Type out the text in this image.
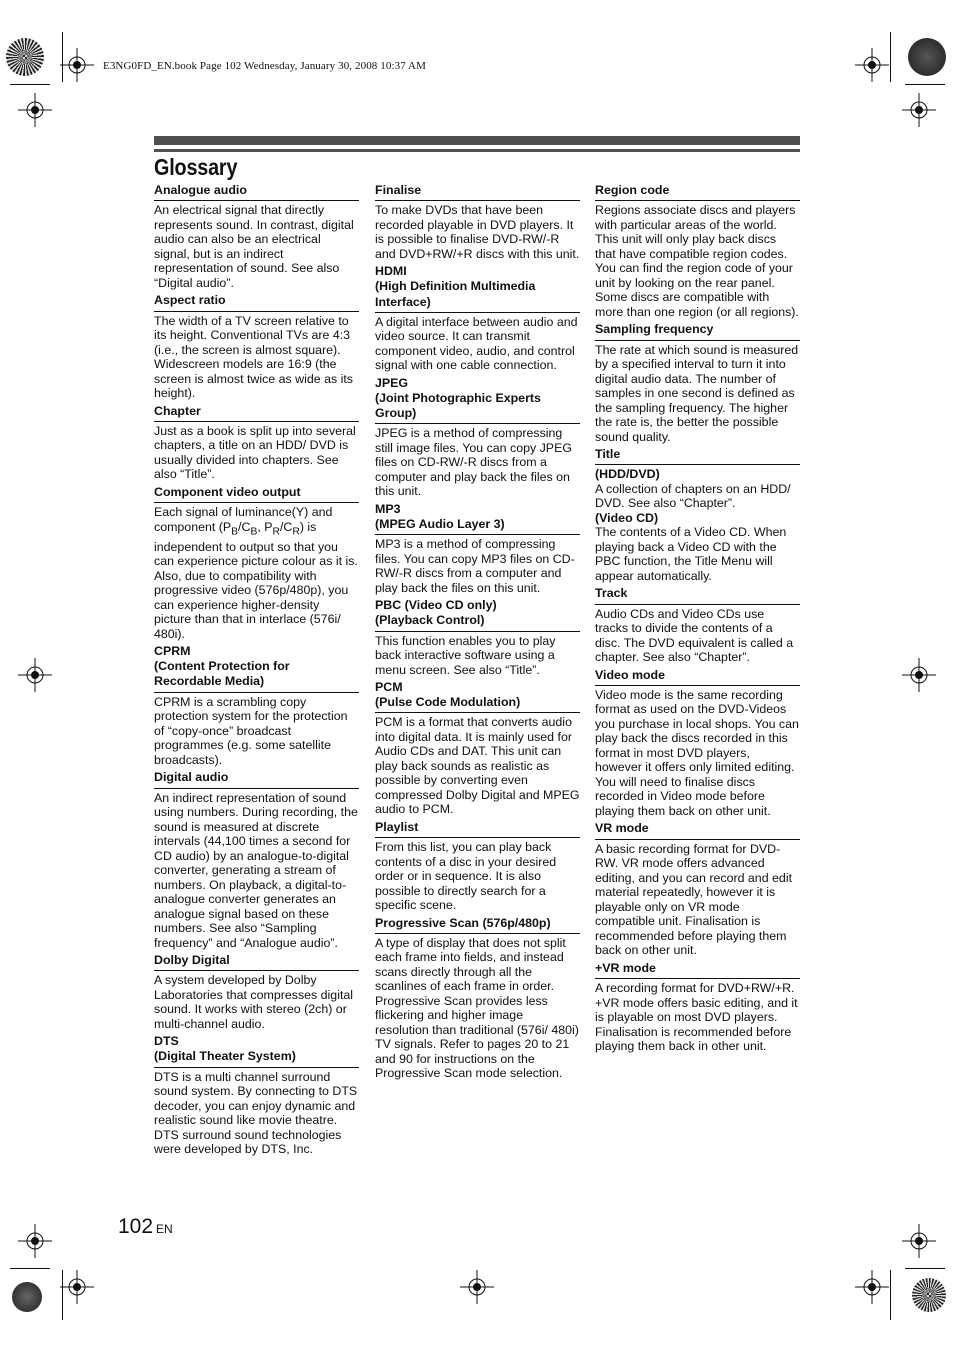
E3NG0FD_EN.book Page 102 Wednesday, January 30, 2008 10:37 AM
Glossary
Analogue audio
An electrical signal that directly represents sound. In contrast, digital audio can also be an electrical signal, but is an indirect representation of sound. See also “Digital audio”.
Aspect ratio
The width of a TV screen relative to its height. Conventional TVs are 4:3 (i.e., the screen is almost square). Widescreen models are 16:9 (the screen is almost twice as wide as its height).
Chapter
Just as a book is split up into several chapters, a title on an HDD/ DVD is usually divided into chapters. See also “Title”.
Component video output
Each signal of luminance(Y) and component ($P_B/C_B$, $P_R/C_R$) is independent to output so that you can experience picture colour as it is.
Also, due to compatibility with progressive video (576p/480p), you can experience higher-density picture than that in interlace (576i/ 480i).
CPRM
(Content Protection for Recordable Media)
CPRM is a scrambling copy protection system for the protection of “copy-once” broadcast programmes (e.g. some satellite broadcasts).
Digital audio
An indirect representation of sound using numbers. During recording, the sound is measured at discrete intervals (44,100 times a second for CD audio) by an analogue-to-digital converter, generating a stream of numbers. On playback, a digital-to-analogue converter generates an analogue signal based on these numbers. See also “Sampling frequency” and “Analogue audio”.
Dolby Digital
A system developed by Dolby Laboratories that compresses digital sound. It works with stereo (2ch) or multi-channel audio.
DTS
(Digital Theater System)
DTS is a multi channel surround sound system. By connecting to DTS decoder, you can enjoy dynamic and realistic sound like movie theatre. DTS surround sound technologies were developed by DTS, Inc.
Finalise
To make DVDs that have been recorded playable in DVD players. It is possible to finalise DVD-RW/-R and DVD+RW/+R discs with this unit.
HDMI
(High Definition Multimedia Interface)
A digital interface between audio and video source. It can transmit component video, audio, and control signal with one cable connection.
JPEG
(Joint Photographic Experts Group)
JPEG is a method of compressing still image files. You can copy JPEG files on CD-RW/-R discs from a computer and play back the files on this unit.
MP3
(MPEG Audio Layer 3)
MP3 is a method of compressing files. You can copy MP3 files on CD-RW/-R discs from a computer and play back the files on this unit.
PBC (Video CD only)
(Playback Control)
This function enables you to play back interactive software using a menu screen. See also “Title”.
PCM
(Pulse Code Modulation)
PCM is a format that converts audio into digital data. It is mainly used for Audio CDs and DAT. This unit can play back sounds as realistic as possible by converting even compressed Dolby Digital and MPEG audio to PCM.
Playlist
From this list, you can play back contents of a disc in your desired order or in sequence. It is also possible to directly search for a specific scene.
Progressive Scan (576p/480p)
A type of display that does not split each frame into fields, and instead scans directly through all the scanlines of each frame in order. Progressive Scan provides less flickering and higher image resolution than traditional (576i/ 480i) TV signals. Refer to pages 20 to 21 and 90 for instructions on the Progressive Scan mode selection.
Region code
Regions associate discs and players with particular areas of the world. This unit will only play back discs that have compatible region codes. You can find the region code of your unit by looking on the rear panel. Some discs are compatible with more than one region (or all regions).
Sampling frequency
The rate at which sound is measured by a specified interval to turn it into digital audio data. The number of samples in one second is defined as the sampling frequency. The higher the rate is, the better the possible sound quality.
Title
(HDD/DVD)
A collection of chapters on an HDD/ DVD. See also “Chapter”.
(Video CD)
The contents of a Video CD. When playing back a Video CD with the PBC function, the Title Menu will appear automatically.
Track
Audio CDs and Video CDs use tracks to divide the contents of a disc. The DVD equivalent is called a chapter. See also “Chapter”.
Video mode
Video mode is the same recording format as used on the DVD-Videos you purchase in local shops. You can play back the discs recorded in this format in most DVD players, however it offers only limited editing. You will need to finalise discs recorded in Video mode before playing them back on other unit.
VR mode
A basic recording format for DVD-RW. VR mode offers advanced editing, and you can record and edit material repeatedly, however it is playable only on VR mode compatible unit. Finalisation is recommended before playing them back on other unit.
+VR mode
A recording format for DVD+RW/+R. +VR mode offers basic editing, and it is playable on most DVD players. Finalisation is recommended before playing them back in other unit.
102 EN
